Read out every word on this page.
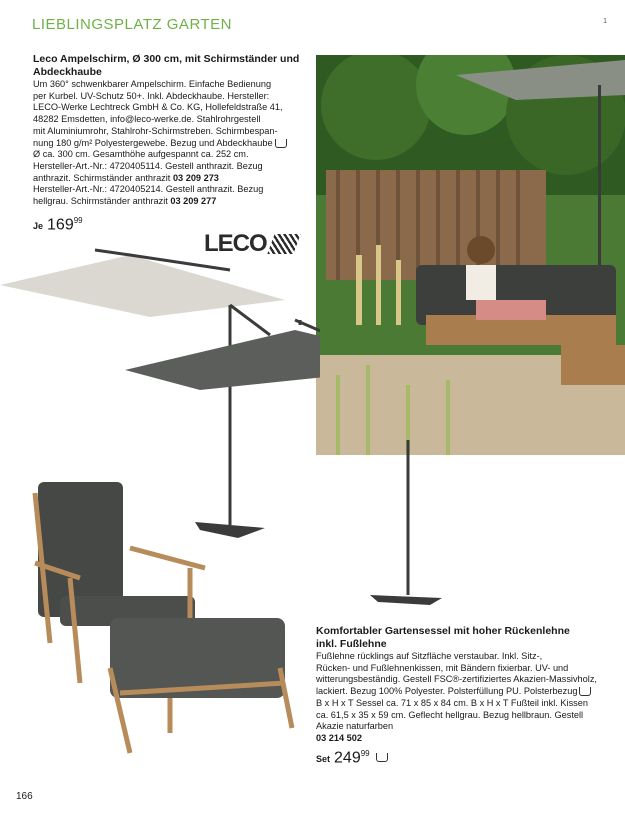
LIEBLINGSPLATZ GARTEN	1
Leco Ampelschirm, Ø 300 cm, mit Schirmständer und Abdeckhaube
Um 360° schwenkbarer Ampelschirm. Einfache Bedienung
per Kurbel. UV-Schutz 50+. Inkl. Abdeckhaube. Hersteller:
LECO-Werke Lechtreck GmbH & Co. KG, Hollefeldstraße 41,
48282 Emsdetten, info@leco-werke.de. Stahlrohrgestell
mit Aluminiumrohr, Stahlrohr-Schirmstreben. Schirmbespan-
nung 180 g/m² Polyestergewebe. Bezug und Abdeckhaube
Ø ca. 300 cm. Gesamthöhe aufgespannt ca. 252 cm.
Hersteller-Art.-Nr.: 4720405114. Gestell anthrazit. Bezug
anthrazit. Schirmständer anthrazit 03 209 273
Hersteller-Art.-Nr.: 4720405214. Gestell anthrazit. Bezug
hellgrau. Schirmständer anthrazit 03 209 277
Je $169^{99}$
LECO
Komfortabler Gartensessel mit hoher Rückenlehne
inkl. Fußlehne
Fußlehne rücklings auf Sitzfläche verstaubar. Inkl. Sitz-,
Rücken- und Fußlehnenkissen, mit Bändern fixierbar. UV- und
witterungsbeständig. Gestell FSC®-zertifiziertes Akazien-Massivholz,
lackiert. Bezug 100% Polyester. Polsterfüllung PU. Polsterbezug
B x H x T Sessel ca. 71 x 85 x 84 cm. B x H x T Fußteil inkl. Kissen
ca. 61,5 x 35 x 59 cm. Geflecht hellgrau. Bezug hellbraun. Gestell
Akazie naturfarben
03 214 502
Set $249^{99}$
166
